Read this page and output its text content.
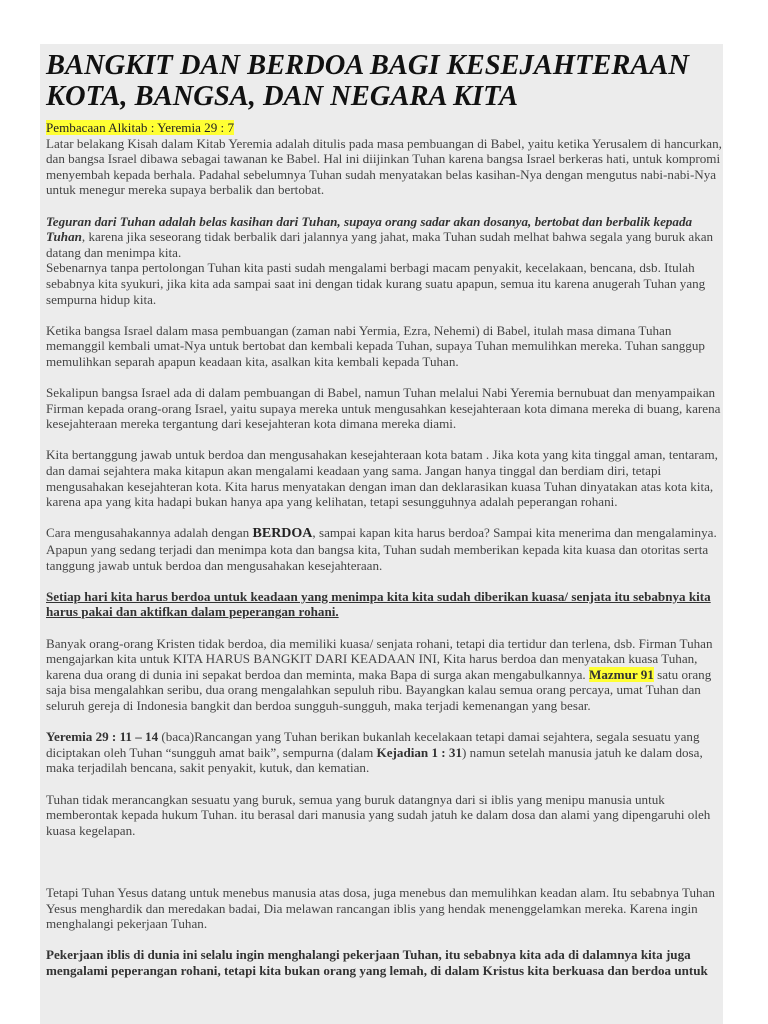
BANGKIT DAN BERDOA BAGI KESEJAHTERAAN KOTA, BANGSA, DAN NEGARA KITA

Pembacaan Alkitab : Yeremia 29 : 7

Latar belakang Kisah dalam Kitab Yeremia adalah ditulis pada masa pembuangan di Babel, yaitu ketika Yerusalem di hancurkan, dan bangsa Israel dibawa sebagai tawanan ke Babel. Hal ini diijinkan Tuhan karena bangsa Israel berkeras hati, untuk kompromi menyembah kepada berhala. Padahal sebelumnya Tuhan sudah menyatakan belas kasihan-Nya dengan mengutus nabi-nabi-Nya untuk menegur mereka supaya berbalik dan bertobat.

Teguran dari Tuhan adalah belas kasihan dari Tuhan, supaya orang sadar akan dosanya, bertobat dan berbalik kepada Tuhan, karena jika seseorang tidak berbalik dari jalannya yang jahat, maka Tuhan sudah melhat bahwa segala yang buruk akan datang dan menimpa kita.

Sebenarnya tanpa pertolongan Tuhan kita pasti sudah mengalami berbagi macam penyakit, kecelakaan, bencana, dsb. Itulah sebabnya kita syukuri, jika kita ada sampai saat ini dengan tidak kurang suatu apapun, semua itu karena anugerah Tuhan yang sempurna hidup kita.

Ketika bangsa Israel dalam masa pembuangan (zaman nabi Yermia, Ezra, Nehemi) di Babel, itulah masa dimana Tuhan memanggil kembali umat-Nya untuk bertobat dan kembali kepada Tuhan, supaya Tuhan memulihkan mereka. Tuhan sanggup memulihkan separah apapun keadaan kita, asalkan kita kembali kepada Tuhan.

Sekalipun bangsa Israel ada di dalam pembuangan di Babel, namun Tuhan melalui Nabi Yeremia bernubuat dan menyampaikan Firman kepada orang-orang Israel, yaitu supaya mereka untuk mengusahkan kesejahteraan kota dimana mereka di buang, karena kesejahteraan mereka tergantung dari kesejahteran kota dimana mereka diami.

Kita bertanggung jawab untuk berdoa dan mengusahakan kesejahteraan kota batam . Jika kota yang kita tinggal aman, tentaram, dan damai sejahtera maka kitapun akan mengalami keadaan yang sama. Jangan hanya tinggal dan berdiam diri, tetapi mengusahakan kesejahteran kota. Kita harus menyatakan dengan iman dan deklarasikan kuasa Tuhan dinyatakan atas kota kita, karena apa yang kita hadapi bukan hanya apa yang kelihatan, tetapi sesungguhnya adalah peperangan rohani.

Cara mengusahakannya adalah dengan BERDOA, sampai kapan kita harus berdoa? Sampai kita menerima dan mengalaminya. Apapun yang sedang terjadi dan menimpa kota dan bangsa kita, Tuhan sudah memberikan kepada kita kuasa dan otoritas serta tanggung jawab untuk berdoa dan mengusahakan kesejahteraan.

Setiap hari kita harus berdoa untuk keadaan yang menimpa kita kita sudah diberikan kuasa/ senjata itu sebabnya kita harus pakai dan aktifkan dalam peperangan rohani.

Banyak orang-orang Kristen tidak berdoa, dia memiliki kuasa/ senjata rohani, tetapi dia tertidur dan terlena, dsb. Firman Tuhan mengajarkan kita untuk KITA HARUS BANGKIT DARI KEADAAN INI, Kita harus berdoa dan menyatakan kuasa Tuhan, karena dua orang di dunia ini sepakat berdoa dan meminta, maka Bapa di surga akan mengabulkannya. Mazmur 91 satu orang saja bisa mengalahkan seribu, dua orang mengalahkan sepuluh ribu. Bayangkan kalau semua orang percaya, umat Tuhan dan seluruh gereja di Indonesia bangkit dan berdoa sungguh-sungguh, maka terjadi kemenangan yang besar.

Yeremia 29 : 11 – 14 (baca)Rancangan yang Tuhan berikan bukanlah kecelakaan tetapi damai sejahtera, segala sesuatu yang diciptakan oleh Tuhan “sungguh amat baik”, sempurna (dalam Kejadian 1 : 31) namun setelah manusia jatuh ke dalam dosa, maka terjadilah bencana, sakit penyakit, kutuk, dan kematian.

Tuhan tidak merancangkan sesuatu yang buruk, semua yang buruk datangnya dari si iblis yang menipu manusia untuk memberontak kepada hukum Tuhan. itu berasal dari manusia yang sudah jatuh ke dalam dosa dan alami yang dipengaruhi oleh kuasa kegelapan.

Tetapi Tuhan Yesus datang untuk menebus manusia atas dosa, juga menebus dan memulihkan keadan alam. Itu sebabnya Tuhan Yesus menghardik dan meredakan badai, Dia melawan rancangan iblis yang hendak menenggelamkan mereka. Karena ingin menghalangi pekerjaan Tuhan.

Pekerjaan iblis di dunia ini selalu ingin menghalangi pekerjaan Tuhan, itu sebabnya kita ada di dalamnya kita juga mengalami peperangan rohani, tetapi kita bukan orang yang lemah, di dalam Kristus kita berkuasa dan berdoa untuk
